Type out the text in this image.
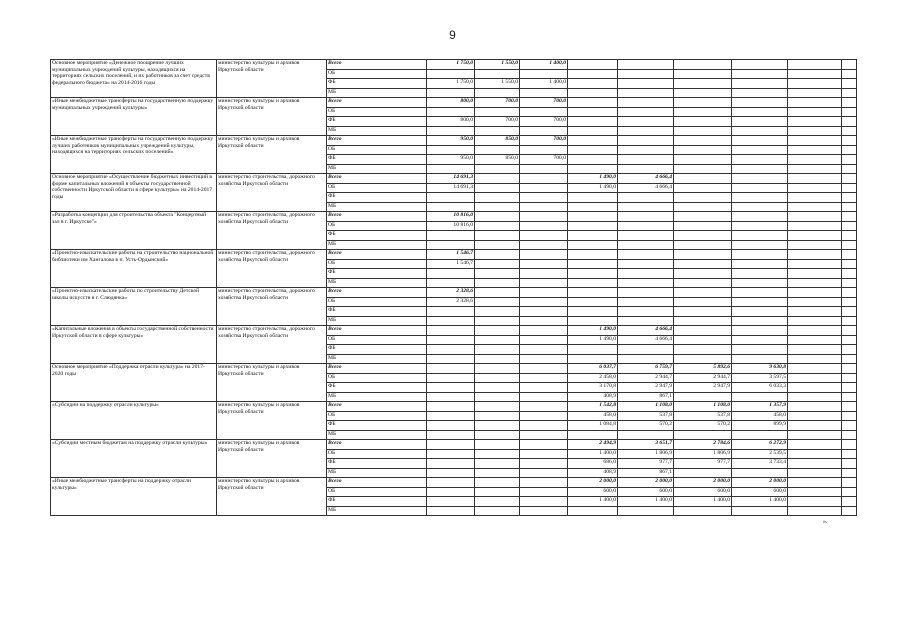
9
Основное мероприятие «Денежное поощрение лучших муниципальных учреждений культуры, находящихся на территориях сельских поселений, и их работников за счет средств федерального бюджета» на 2014-2016 годы	министерство культуры и архивов Иркутской области	Всего	1 750,0	1 550,0	1 400,0						
		ОБ									
		ФБ	1 750,0	1 550,0	1 400,0						
		МБ									
«Иные межбюджетные трансферты на государственную поддержку муниципальных учреждений культуры»	министерство культуры и архивов Иркутской области	Всего	800,0	700,0	700,0						
		ОБ									
		ФБ	800,0	700,0	700,0						
		МБ									
«Иные межбюджетные трансферты на государственную поддержку лучших работников муниципальных учреждений культуры, находящихся на территориях сельских поселений»	министерство культуры и архивов Иркутской области	Всего	950,0	850,0	700,0						
		ОБ									
		ФБ	950,0	850,0	700,0						
		МБ									
Основное мероприятие «Осуществление бюджетных инвестиций в форме капитальных вложений в объекты государственной собственности Иркутской области в сфере культуры» на 2014-2017 годы	министерство строительства, дорожного хозяйства Иркутской области	Всего	14 691,3			1 490,0	4 666,4				
		ОБ	14 691,3			1 490,0	4 666,4				
		ФБ									
		МБ									
«Разработка концепции для строительства объекта "Концертный зал в г. Иркутске"»	министерство строительства, дорожного хозяйства Иркутской области	Всего	10 816,0								
		ОБ	10 816,0								
		ФБ									
		МБ									
«Проектно-изыскательские работы на строительство национальной библиотеки им Хангалова в п. Усть-Ордынский»	министерство строительства, дорожного хозяйства Иркутской области	Всего	1 546,7								
		ОБ	1 546,7								
		ФБ									
		МБ									
«Проектно-изыскательские работы по строительству Детской школы искусств в г. Слюдянка»	министерство строительства, дорожного хозяйства Иркутской области	Всего	2 328,6								
		ОБ	2 328,6								
		ФБ									
		МБ									
«Капитальные вложения в объекты государственной собственности Иркутской области в сфере культуры»	министерство строительства, дорожного хозяйства Иркутской области	Всего				1 490,0	4 666,4				
		ОБ				1 490,0	4 666,4				
		ФБ									
		МБ									
Основное мероприятие «Поддержка отрасли культура» на 2017-2020 годы	министерство культуры и архивов Иркутской области	Всего				6 037,7	6 759,7	5 892,6	9 630,8		
		ОБ				2 458,0	2 944,7	2 944,7	3 597,5		
		ФБ				3 170,8	2 947,9	2 947,9	6 033,3		
		МБ				408,9	867,1				
«Субсидии на поддержку отрасли культуры»	министерство культуры и архивов Иркутской области	Всего				1 542,8	1 108,0	1 108,0	1 357,9		
		ОБ				458,0	537,8	537,8	458,0		
		ФБ				1 084,8	570,2	570,2	899,9		
		МБ									
«Субсидии местным бюджетам на поддержку отрасли культуры»	министерство культуры и архивов Иркутской области	Всего				2 494,9	3 651,7	2 784,6	6 272,9		
		ОБ				1 400,0	1 806,9	1 806,9	2 539,5		
		ФБ				686,0	977,7	977,7	3 733,4		
		МБ				408,9	867,1				
«Иные межбюджетные трансферты на поддержку отрасли культуры»	министерство культуры и архивов Иркутской области	Всего				2 000,0	2 000,0	2 000,0	2 000,0		
		ОБ				600,0	600,0	600,0	600,0		
		ФБ				1 400,0	1 400,0	1 400,0	1 400,0		
		МБ									
».
